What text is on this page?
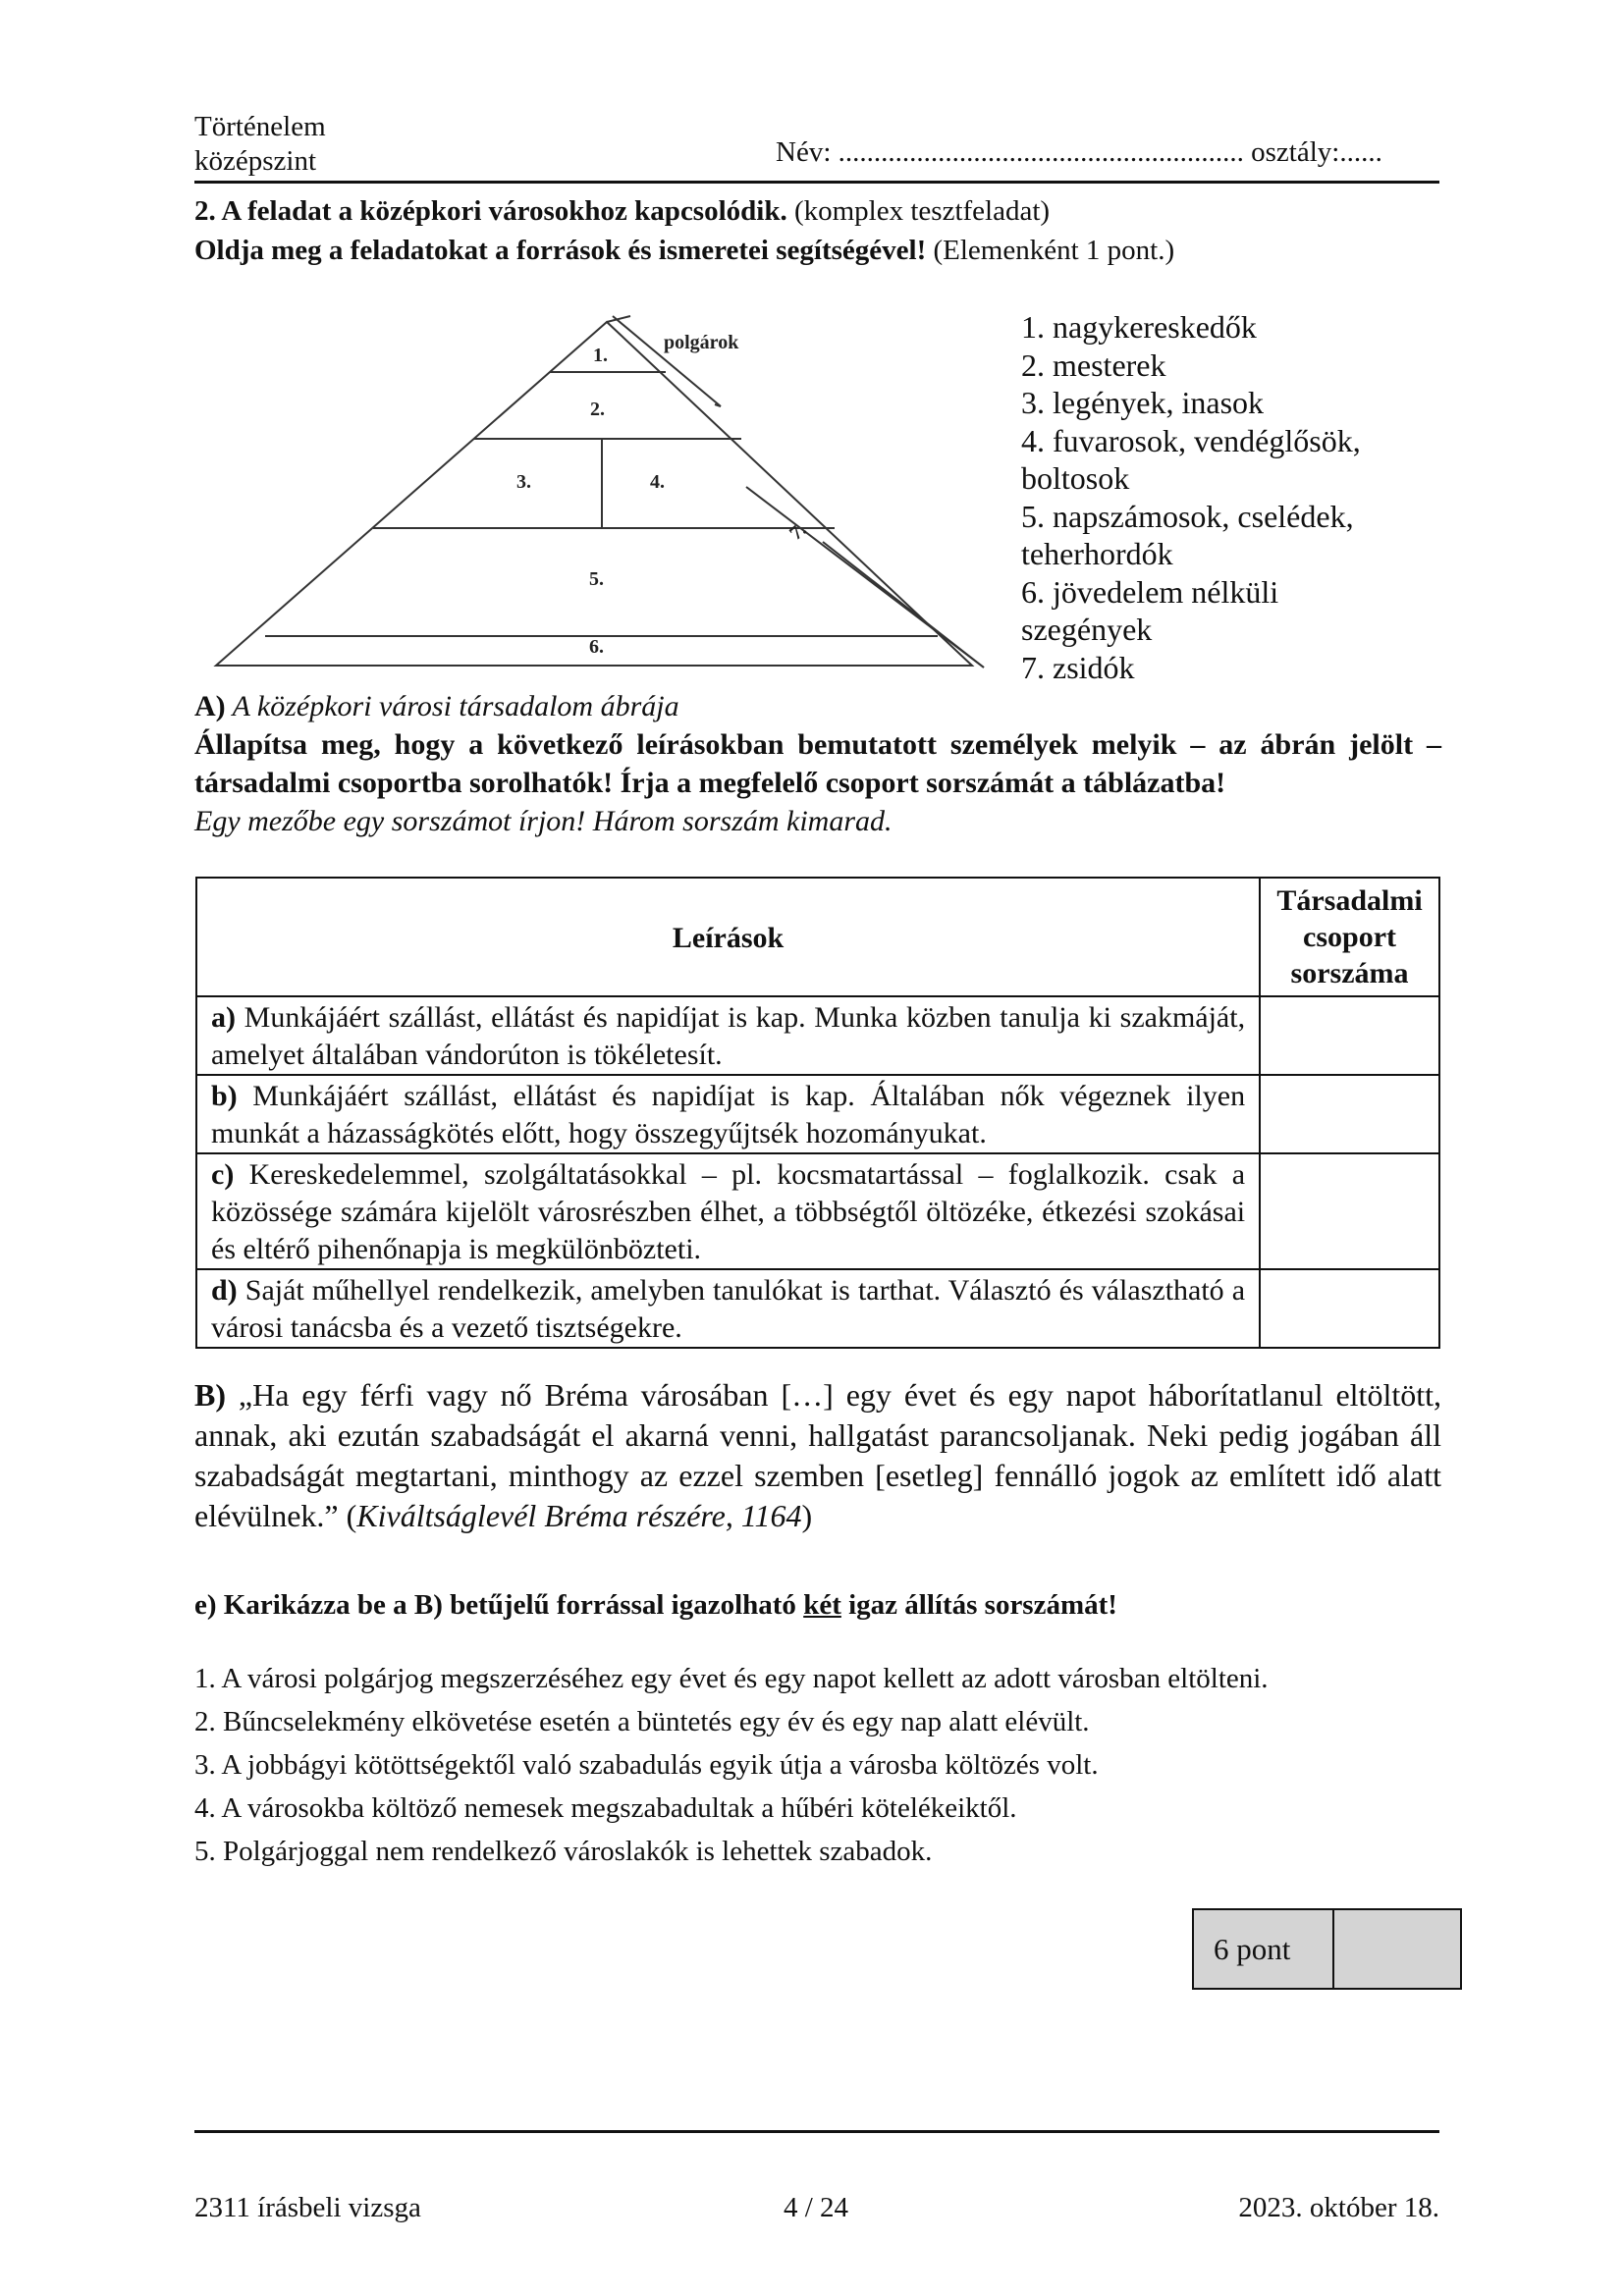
Történelem
középszint	Név: ......................................................... osztály:......
2. A feladat a középkori városokhoz kapcsolódik. (komplex tesztfeladat)
Oldja meg a feladatokat a források és ismeretei segítségével! (Elemenként 1 pont.)
1.
2.
3.	4.
5.
6.
7.
polgárok	1. nagykereskedők
2. mesterek
3. legények, inasok
4. fuvarosok, vendéglősök,
boltosok
5. napszámosok, cselédek,
teherhordók
6. jövedelem nélküli
szegények
7. zsidók
A) A középkori városi társadalom ábrája
Állapítsa meg, hogy a következő leírásokban bemutatott személyek melyik – az ábrán jelölt – társadalmi csoportba sorolhatók! Írja a megfelelő csoport sorszámát a táblázatba!
Egy mezőbe egy sorszámot írjon! Három sorszám kimarad.
Leírások	Társadalmi csoport sorszáma
a) Munkájáért szállást, ellátást és napidíjat is kap. Munka közben tanulja ki szakmáját, amelyet általában vándorúton is tökéletesít.	
b) Munkájáért szállást, ellátást és napidíjat is kap. Általában nők végeznek ilyen munkát a házasságkötés előtt, hogy összegyűjtsék hozományukat.	
c) Kereskedelemmel, szolgáltatásokkal – pl. kocsmatartással – foglalkozik. csak a közössége számára kijelölt városrészben élhet, a többségtől öltözéke, étkezési szokásai és eltérő pihenőnapja is megkülönbözteti.	
d) Saját műhellyel rendelkezik, amelyben tanulókat is tarthat. Választó és választható a városi tanácsba és a vezető tisztségekre.	
B) „Ha egy férfi vagy nő Bréma városában […] egy évet és egy napot háborítatlanul eltöltött, annak, aki ezután szabadságát el akarná venni, hallgatást parancsoljanak. Neki pedig jogában áll szabadságát megtartani, minthogy az ezzel szemben [esetleg] fennálló jogok az említett idő alatt elévülnek.” (Kiváltságlevél Bréma részére, 1164)
e) Karikázza be a B) betűjelű forrással igazolható két igaz állítás sorszámát!
1. A városi polgárjog megszerzéséhez egy évet és egy napot kellett az adott városban eltölteni.
2. Bűncselekmény elkövetése esetén a büntetés egy év és egy nap alatt elévült.
3. A jobbágyi kötöttségektől való szabadulás egyik útja a városba költözés volt.
4. A városokba költöző nemesek megszabadultak a hűbéri kötelékeiktől.
5. Polgárjoggal nem rendelkező városlakók is lehettek szabadok.
6 pont	
2311 írásbeli vizsga	4 / 24	2023. október 18.
